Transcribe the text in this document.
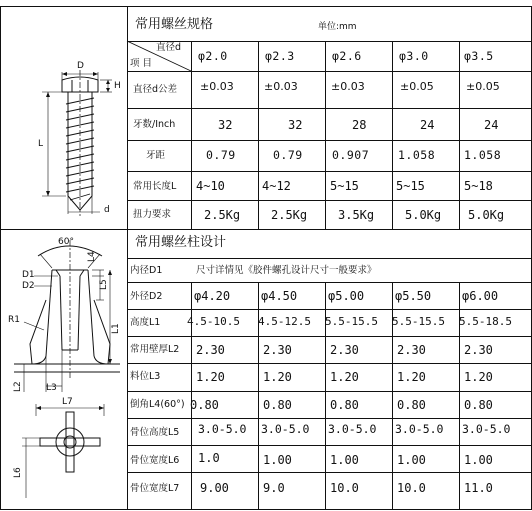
D
H
L
d
60°
D1
D2
L4
L5
R1
L1
L2	L3
L7
L6
常用螺丝规格	单位:mm
直径d
项 目
φ2.0	φ2.3	φ2.6	φ3.0	φ3.5
直径d公差 ±0.03	±0.03	±0.03	±0.05	±0.05
牙数/Inch	32	32	28	24	24
牙距	0.79	0.79	0.907	1.058	1.058
常用长度L 4~10	4~12	5~15	5~15	5~18
扭力要求	2.5Kg	2.5Kg	3.5Kg	5.0Kg 5.0Kg
常用螺丝柱设计
内径D1	尺寸详情见《胶件螺孔设计尺寸一般要求》
外径D2	φ4.20	φ4.50	φ5.00	φ5.50	φ6.00
高度L1 4.5-10.5 4.5-12.5 5.5-15.5 5.5-15.5 5.5-18.5
常用壁厚L2 2.30	2.30	2.30	2.30	2.30
料位L3	1.20	1.20	1.20	1.20	1.20
倒角L4(60°) 0.80	0.80	0.80	0.80	0.80
骨位高度L5 3.0-5.0 3.0-5.0 3.0-5.0 3.0-5.0 3.0-5.0
骨位宽度L6 1.0	1.00	1.00	1.00	1.00
骨位宽度L7 9.00	9.0	10.0	10.0	11.0
